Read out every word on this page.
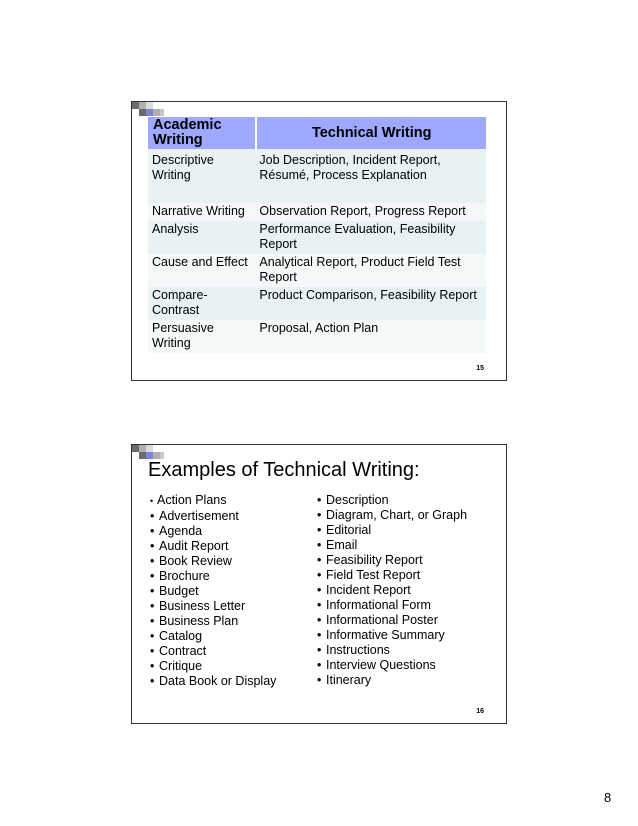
Academic Writing	Technical Writing
Descriptive Writing	Job Description, Incident Report, Résumé, Process Explanation
Narrative Writing	Observation Report, Progress Report
Analysis	Performance Evaluation, Feasibility Report
Cause and Effect	Analytical Report, Product Field Test Report
Compare-Contrast	Product Comparison, Feasibility Report
Persuasive Writing	Proposal, Action Plan
15
Examples of Technical Writing:
• Action Plans
• Advertisement
• Agenda
• Audit Report
• Book Review
• Brochure
• Budget
• Business Letter
• Business Plan
• Catalog
• Contract
• Critique
• Data Book or Display
• Description
• Diagram, Chart, or Graph
• Editorial
• Email
• Feasibility Report
• Field Test Report
• Incident Report
• Informational Form
• Informational Poster
• Informative Summary
• Instructions
• Interview Questions
• Itinerary
16
8
